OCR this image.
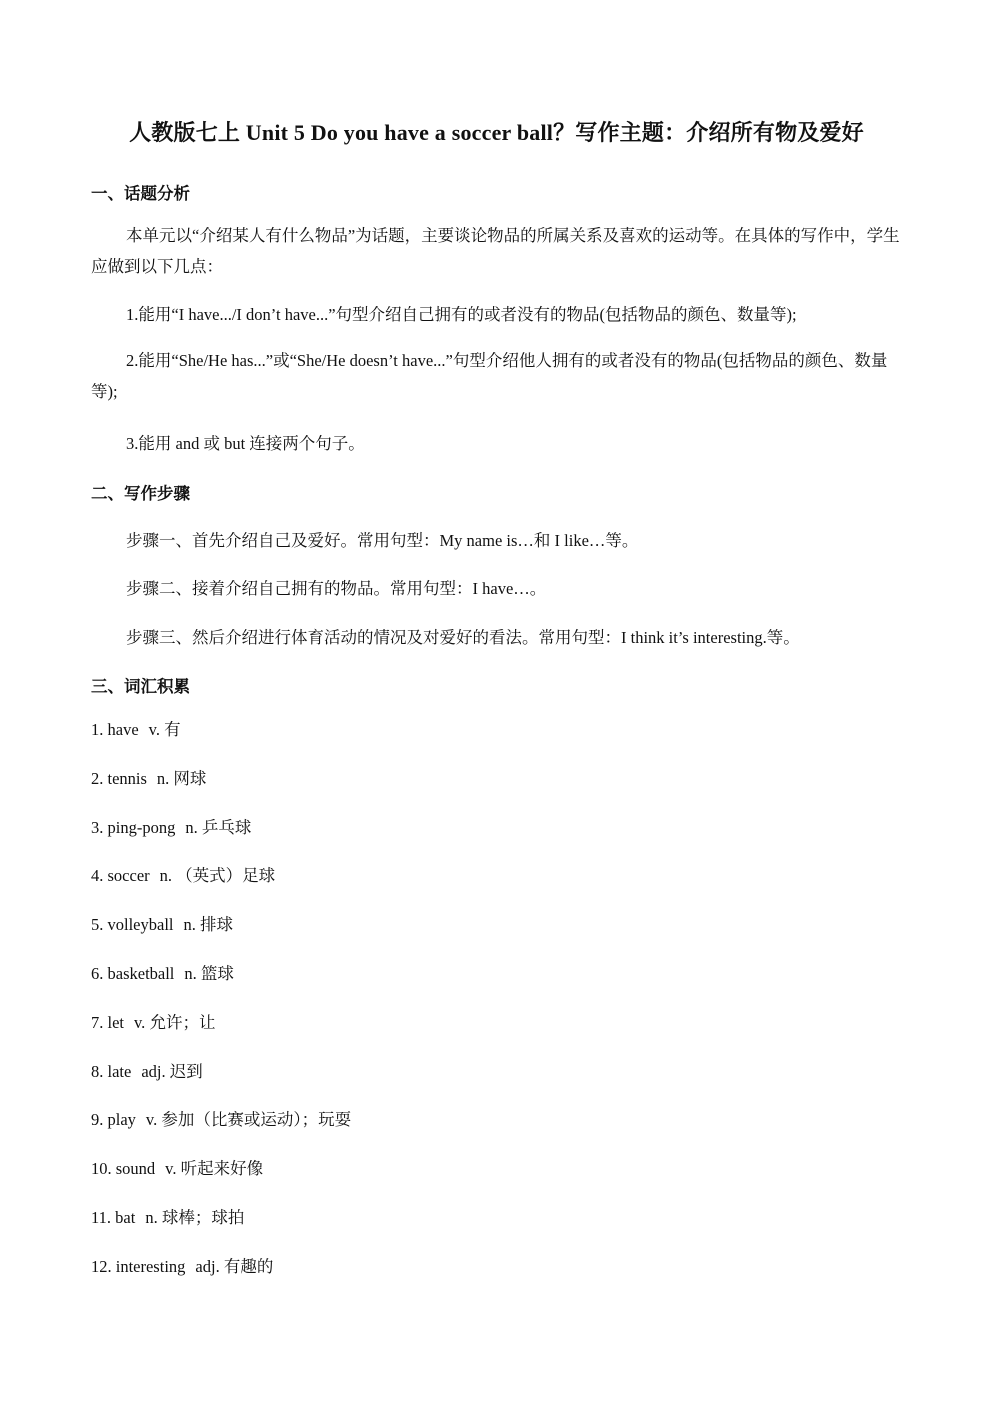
人教版七上 Unit 5 Do you have a soccer ball？写作主题：介绍所有物及爱好
一、话题分析
本单元以“介绍某人有什么物品”为话题，主要谈论物品的所属关系及喜欢的运动等。在具体的写作中，学生应做到以下几点：
1.能用“I have.../I don’t have...”句型介绍自己拥有的或者没有的物品(包括物品的颜色、数量等);
2.能用“She/He has...”或“She/He doesn’t have...”句型介绍他人拥有的或者没有的物品(包括物品的颜色、数量等);
3.能用 and 或 but 连接两个句子。
二、写作步骤
步骤一、首先介绍自己及爱好。常用句型：My name is…和 I like…等。
步骤二、接着介绍自己拥有的物品。常用句型：I have…。
步骤三、然后介绍进行体育活动的情况及对爱好的看法。常用句型：I think it’s interesting.等。
三、词汇积累
1. have v. 有
2. tennis n. 网球
3. ping-pong n. 乒乓球
4. soccer n. （英式）足球
5. volleyball n. 排球
6. basketball n. 篮球
7. let v. 允许；让
8. late adj. 迟到
9. play v. 参加（比赛或运动）；玩耍
10. sound v. 听起来好像
11. bat n. 球棒；球拍
12. interesting adj. 有趣的
